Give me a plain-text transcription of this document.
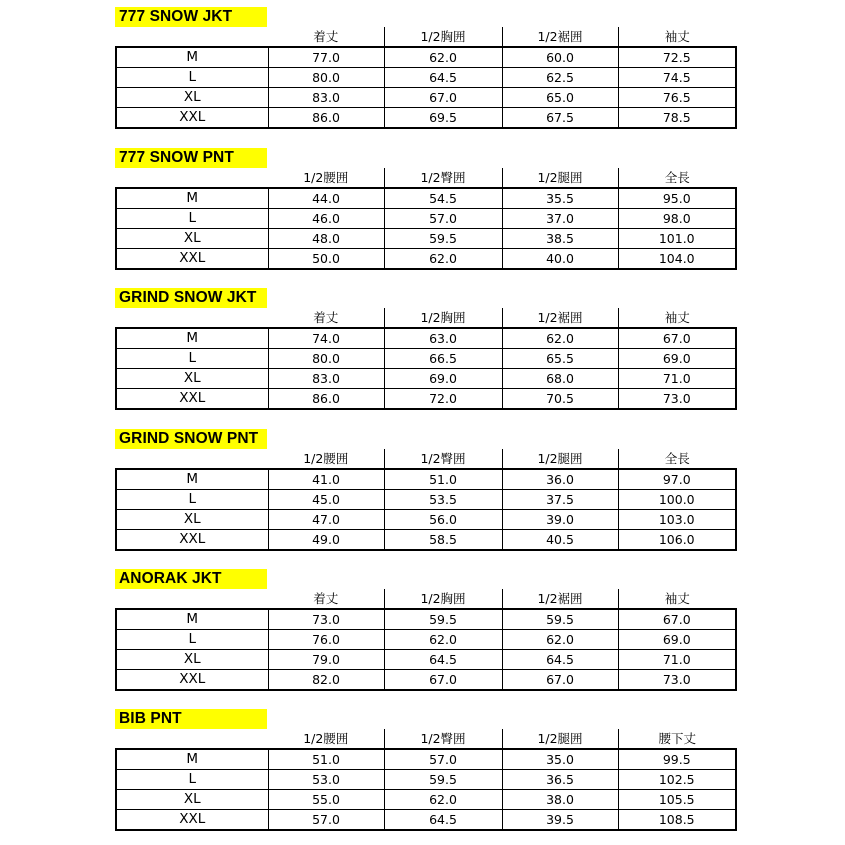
777 SNOW JKT
	着丈	1/2胸囲	1/2裾囲	袖丈
M	77.0	62.0	60.0	72.5
L	80.0	64.5	62.5	74.5
XL	83.0	67.0	65.0	76.5
XXL	86.0	69.5	67.5	78.5
777 SNOW PNT
	1/2腰囲	1/2臀囲	1/2腿囲	全長
M	44.0	54.5	35.5	95.0
L	46.0	57.0	37.0	98.0
XL	48.0	59.5	38.5	101.0
XXL	50.0	62.0	40.0	104.0
GRIND SNOW JKT
	着丈	1/2胸囲	1/2裾囲	袖丈
M	74.0	63.0	62.0	67.0
L	80.0	66.5	65.5	69.0
XL	83.0	69.0	68.0	71.0
XXL	86.0	72.0	70.5	73.0
GRIND SNOW PNT
	1/2腰囲	1/2臀囲	1/2腿囲	全長
M	41.0	51.0	36.0	97.0
L	45.0	53.5	37.5	100.0
XL	47.0	56.0	39.0	103.0
XXL	49.0	58.5	40.5	106.0
ANORAK JKT
	着丈	1/2胸囲	1/2裾囲	袖丈
M	73.0	59.5	59.5	67.0
L	76.0	62.0	62.0	69.0
XL	79.0	64.5	64.5	71.0
XXL	82.0	67.0	67.0	73.0
BIB PNT
	1/2腰囲	1/2臀囲	1/2腿囲	腰下丈
M	51.0	57.0	35.0	99.5
L	53.0	59.5	36.5	102.5
XL	55.0	62.0	38.0	105.5
XXL	57.0	64.5	39.5	108.5
